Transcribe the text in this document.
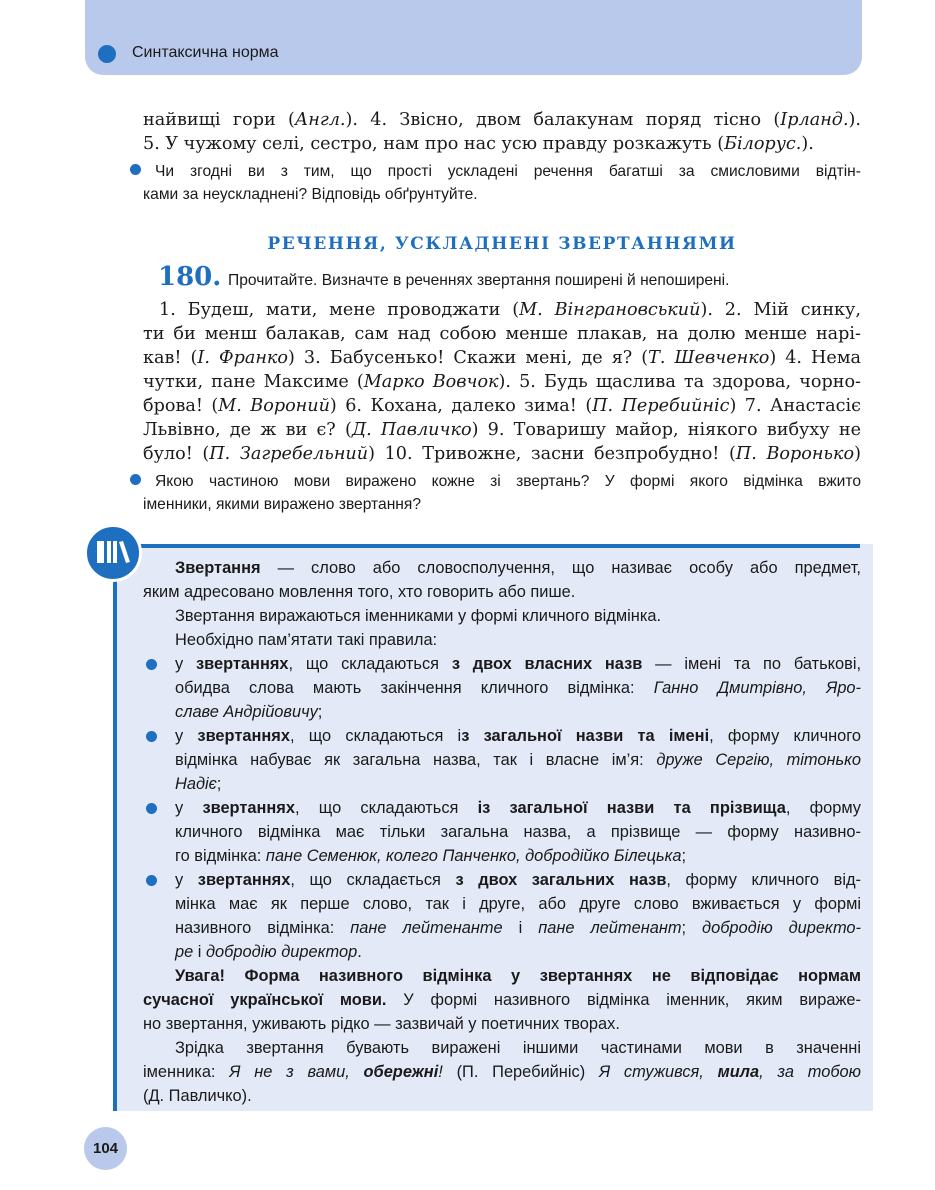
Синтаксична норма

найвищі гори (Англ.). 4. Звісно, двом балакунам поряд тісно (Ірланд.).
5. У чужому селі, сестро, нам про нас усю правду розкажуть (Білорус.).

Чи згодні ви з тим, що прості ускладені речення багатші за смисловими відтін-
ками за неускладнені? Відповідь обґрунтуйте.

РЕЧЕННЯ, УСКЛАДНЕНІ ЗВЕРТАННЯМИ
180. Прочитайте. Визначте в реченнях звертання поширені й непоширені.

1. Будеш, мати, мене проводжати (М. Вінграновський). 2. Мій синку,
ти би менш балакав, сам над собою менше плакав, на долю менше нарі-
кав! (І. Франко) 3. Бабусенько! Скажи мені, де я? (Т. Шевченко) 4. Нема
чутки, пане Максиме (Марко Вовчок). 5. Будь щаслива та здорова, чорно-
брова! (М. Вороний) 6. Кохана, далеко зима! (П. Перебийніс) 7. Анастасіє
Львівно, де ж ви є? (Д. Павличко) 9. Товаришу майор, ніякого вибуху не
було! (П. Загребельний) 10. Тривожне, засни безпробудно! (П. Воронько)

Якою частиною мови виражено кожне зі звертань? У формі якого відмінка вжито
іменники, якими виражено звертання?

Звертання — слово або словосполучення, що називає особу або предмет,
яким адресовано мовлення того, хто говорить або пише.

Звертання виражаються іменниками у формі кличного відмінка.

Необхідно пам’ятати такі правила:

у звертаннях, що складаються з двох власних назв — імені та по батькові,
обидва слова мають закінчення кличного відмінка: Ганно Дмитрівно, Яро-
славе Андрійовичу;

у звертаннях, що складаються із загальної назви та імені, форму кличного
відмінка набуває як загальна назва, так і власне ім’я: друже Сергію, тітонько
Надіє;

у звертаннях, що складаються із загальної назви та прізвища, форму
кличного відмінка має тільки загальна назва, а прізвище — форму називно-
го відмінка: пане Семенюк, колего Панченко, добродійко Білецька;

у звертаннях, що складається з двох загальних назв, форму кличного від-
мінка має як перше слово, так і друге, або друге слово вживається у формі
називного відмінка: пане лейтенанте і пане лейтенант; добродію директо-
ре і добродію директор.

Увага! Форма називного відмінка у звертаннях не відповідає нормам
сучасної української мови. У формі називного відмінка іменник, яким вираже-
но звертання, уживають рідко — зазвичай у поетичних творах.

Зрідка звертання бувають виражені іншими частинами мови в значенні
іменника: Я не з вами, обережні! (П. Перебийніс) Я стужився, мила, за тобою
(Д. Павличко).

104
